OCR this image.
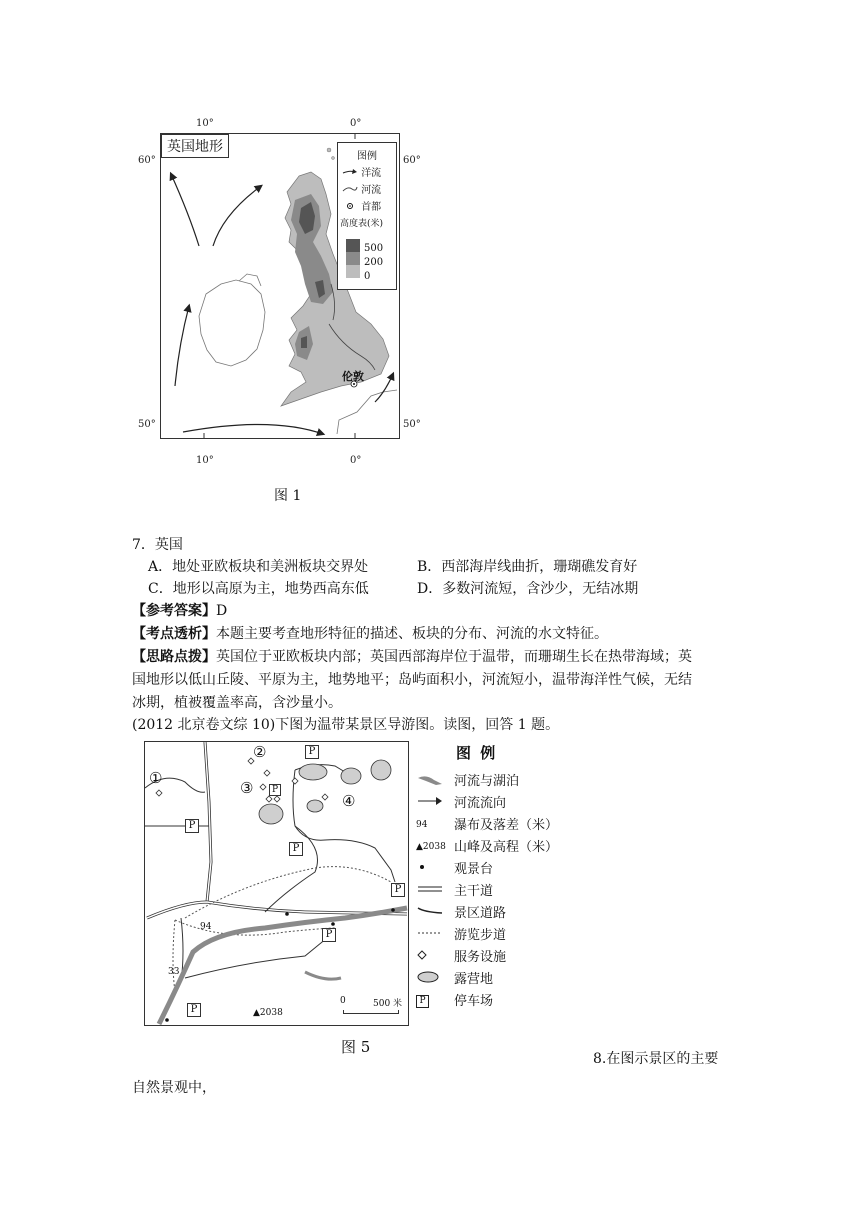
10°	0°
60°	60°
50°	50°
10°	0°
英国地形
伦敦
图例
洋流
河流
首都
高度表(米)
500
200
0
图 1
7．英国
A．地处亚欧板块和美洲板块交界处	B．西部海岸线曲折，珊瑚礁发育好
C．地形以高原为主，地势西高东低	D．多数河流短，含沙少，无结冰期
【参考答案】D
【考点透析】本题主要考查地形特征的描述、板块的分布、河流的水文特征。
【思路点拨】英国位于亚欧板块内部；英国西部海岸位于温带，而珊瑚生长在热带海域；英
国地形以低山丘陵、平原为主，地势地平；岛屿面积小，河流短小，温带海洋性气候，无结
冰期，植被覆盖率高，含沙量小。
(2012 北京卷文综 10)下图为温带某景区导游图。读图，回答 1 题。
①
②
③
④
P
P
P
P
P
P
P
94
33
▲2038
0	500 米
图 例
河流与湖泊
河流流向
94 瀑布及落差（米）
▲2038 山峰及高程（米）
观景台
主干道
景区道路
游览步道
服务设施
露营地
P 停车场
图 5
8.在图示景区的主要
自然景观中，
